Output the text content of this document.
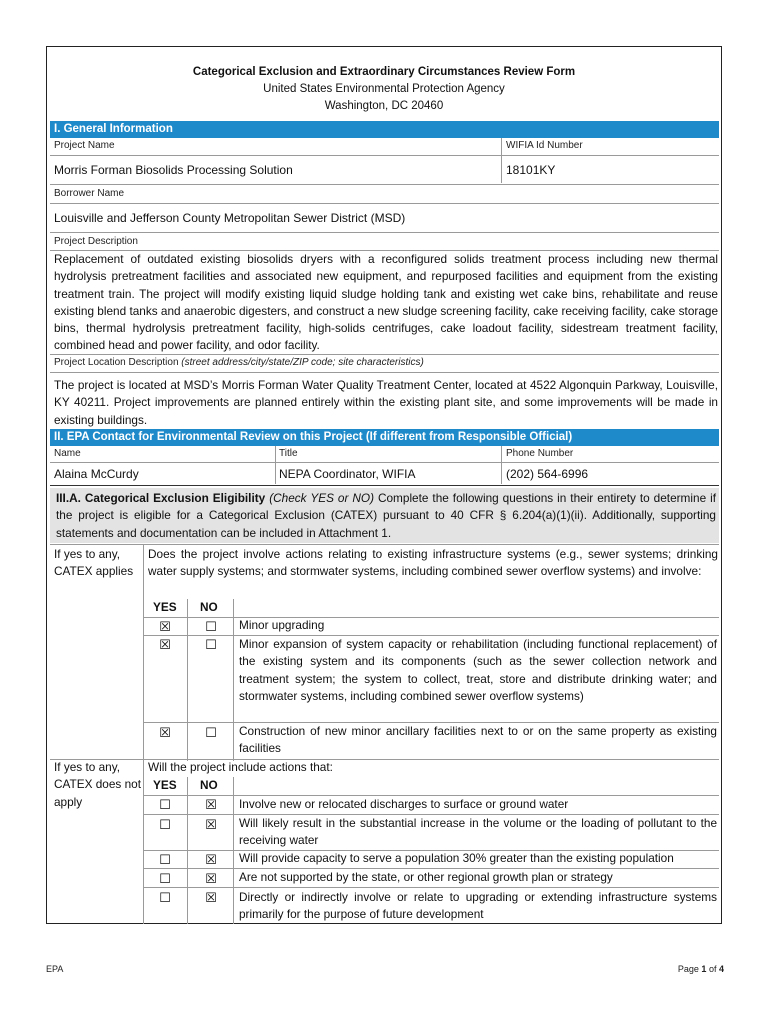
Categorical Exclusion and Extraordinary Circumstances Review Form
United States Environmental Protection Agency
Washington, DC 20460
I. General Information
Project Name	WIFIA Id Number
Morris Forman Biosolids Processing Solution	18101KY
Borrower Name
Louisville and Jefferson County Metropolitan Sewer District (MSD)
Project Description
Replacement of outdated existing biosolids dryers with a reconfigured solids treatment process including new thermal hydrolysis pretreatment facilities and associated new equipment, and repurposed facilities and equipment from the existing treatment train. The project will modify existing liquid sludge holding tank and existing wet cake bins, rehabilitate and reuse existing blend tanks and anaerobic digesters, and construct a new sludge screening facility, cake receiving facility, cake storage bins, thermal hydrolysis pretreatment facility, high-solids centrifuges, cake loadout facility, sidestream treatment facility, combined head and power facility, and odor facility.
Project Location Description (street address/city/state/ZIP code; site characteristics)
The project is located at MSD’s Morris Forman Water Quality Treatment Center, located at 4522 Algonquin Parkway, Louisville, KY 40211. Project improvements are planned entirely within the existing plant site, and some improvements will be made in existing buildings.
II. EPA Contact for Environmental Review on this Project (If different from Responsible Official)
Name	Title	Phone Number
Alaina McCurdy	NEPA Coordinator, WIFIA	(202) 564-6996
III.A. Categorical Exclusion Eligibility (Check YES or NO) Complete the following questions in their entirety to determine if the project is eligible for a Categorical Exclusion (CATEX) pursuant to 40 CFR § 6.204(a)(1)(ii). Additionally, supporting statements and documentation can be included in Attachment 1.
If yes to any, CATEX applies
Does the project involve actions relating to existing infrastructure systems (e.g., sewer systems; drinking water supply systems; and stormwater systems, including combined sewer overflow systems) and involve:
YES NO
☒	☐ Minor upgrading
☒	☐ Minor expansion of system capacity or rehabilitation (including functional replacement) of the existing system and its components (such as the sewer collection network and treatment system; the system to collect, treat, store and distribute drinking water; and stormwater systems, including combined sewer overflow systems)
☒	☐ Construction of new minor ancillary facilities next to or on the same property as existing facilities
If yes to any, CATEX does not apply
Will the project include actions that:
YES NO
☐	☒ Involve new or relocated discharges to surface or ground water
☐	☒ Will likely result in the substantial increase in the volume or the loading of pollutant to the receiving water
☐	☒ Will provide capacity to serve a population 30% greater than the existing population
☐	☒ Are not supported by the state, or other regional growth plan or strategy
☐	☒ Directly or indirectly involve or relate to upgrading or extending infrastructure systems primarily for the purpose of future development
EPA	Page 1 of 4
